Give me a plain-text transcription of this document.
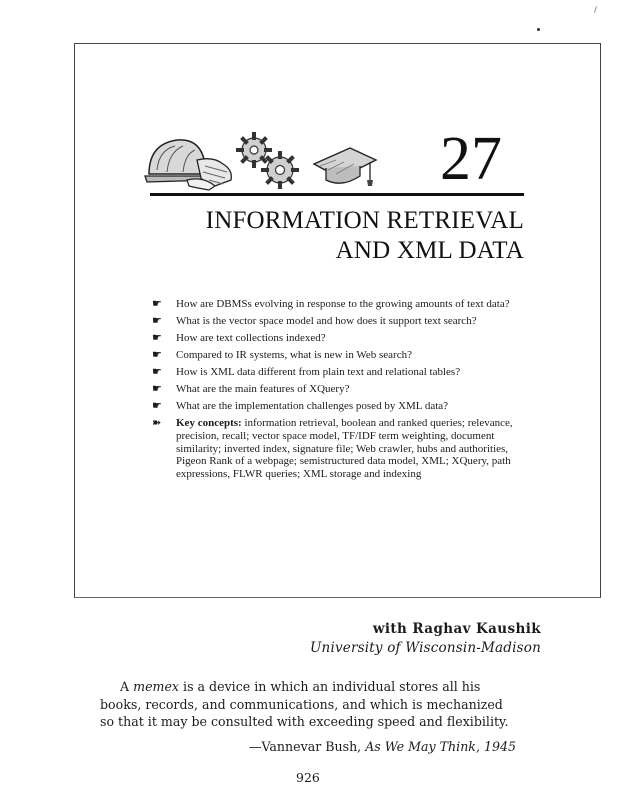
27
INFORMATION RETRIEVAL
AND XML DATA
☛	How are DBMSs evolving in response to the growing amounts of text data?
☛	What is the vector space model and how does it support text search?
☛	How are text collections indexed?
☛	Compared to IR systems, what is new in Web search?
☛	How is XML data different from plain text and relational tables?
☛	What are the main features of XQuery?
☛	What are the implementation challenges posed by XML data?
➽	Key concepts: information retrieval, boolean and ranked queries; relevance, precision, recall; vector space model, TF/IDF term weighting, document similarity; inverted index, signature file; Web crawler, hubs and authorities, Pigeon Rank of a webpage; semistructured data model, XML; XQuery, path expressions, FLWR queries; XML storage and indexing
with Raghav Kaushik
University of Wisconsin-Madison

A memex is a device in which an individual stores all his books, records, and communications, and which is mechanized so that it may be consulted with exceeding speed and flexibility.

—Vannevar Bush, As We May Think, 1945
926
